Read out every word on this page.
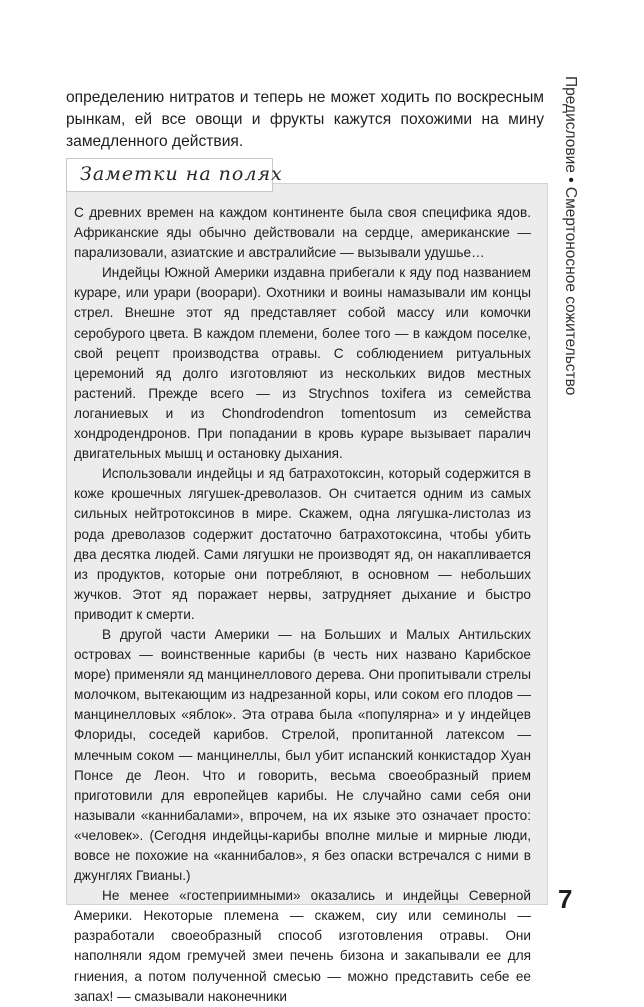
определению нитратов и теперь не может ходить по воскресным рынкам, ей все овощи и фрукты кажутся похожими на мину замедленного действия.

Заметки на полях

С древних времен на каждом континенте была своя специфика ядов. Африканские яды обычно действовали на сердце, американские — парализовали, азиатские и австралийсие — вызывали удушье…

Индейцы Южной Америки издавна прибегали к яду под названием кураре, или урари (воорари). Охотники и воины намазывали им концы стрел. Внешне этот яд представляет собой массу или комочки серобурого цвета. В каждом племени, более того — в каждом поселке, свой рецепт производства отравы. С соблюдением ритуальных церемоний яд долго изготовляют из нескольких видов местных растений. Прежде всего — из Strychnos toxifera из семейства логаниевых и из Chondrodendron tomentosum из семейства хондродендронов. При попадании в кровь кураре вызывает паралич двигательных мышц и остановку дыхания.

Использовали индейцы и яд батрахотоксин, который содержится в коже крошечных лягушек-древолазов. Он считается одним из самых сильных нейтротоксинов в мире. Скажем, одна лягушка-листолаз из рода древолазов содержит достаточно батрахотоксина, чтобы убить два десятка людей. Сами лягушки не производят яд, он накапливается из продуктов, которые они потребляют, в основном — небольших жучков. Этот яд поражает нервы, затрудняет дыхание и быстро приводит к смерти.

В другой части Америки — на Больших и Малых Антильских островах — воинственные карибы (в честь них названо Карибское море) применяли яд манцинеллового дерева. Они пропитывали стрелы молочком, вытекающим из надрезанной коры, или соком его плодов — манцинелловых «яблок». Эта отрава была «популярна» и у индейцев Флориды, соседей карибов. Стрелой, пропитанной латексом — млечным соком — манцинеллы, был убит испанский конкистадор Хуан Понсе де Леон. Что и говорить, весьма своеобразный прием приготовили для европейцев карибы. Не случайно сами себя они называли «каннибалами», впрочем, на их языке это означает просто: «человек». (Сегодня индейцы-карибы вполне милые и мирные люди, вовсе не похожие на «каннибалов», я без опаски встречался с ними в джунглях Гвианы.)

Не менее «гостеприимными» оказались и индейцы Северной Америки. Некоторые племена — скажем, сиу или семинолы — разработали своеобразный способ изготовления отравы. Они наполняли ядом гремучей змеи печень бизона и закапывали ее для гниения, а потом полученной смесью — можно представить себе ее запах! — смазывали наконечники

Предисловие • Смертоносное сожительство
7
